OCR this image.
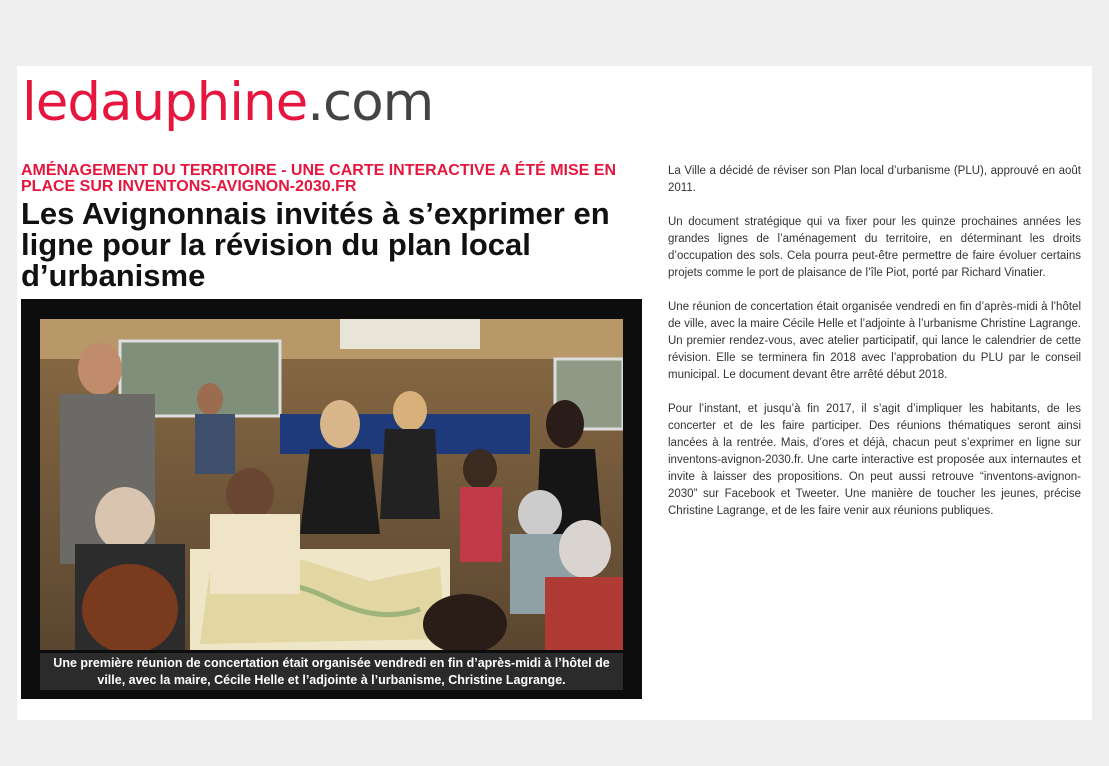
ledauphine.com
AMÉNAGEMENT DU TERRITOIRE - UNE CARTE INTERACTIVE A ÉTÉ MISE EN PLACE SUR INVENTONS-AVIGNON-2030.FR
Les Avignonnais invités à s’exprimer en ligne pour la révision du plan local d’urbanisme
Une première réunion de concertation était organisée vendredi en fin d’après-midi à l’hôtel de ville, avec la maire, Cécile Helle et l’adjointe à l’urbanisme, Christine Lagrange.

La Ville a décidé de réviser son Plan local d’urbanisme (PLU), approuvé en août 2011.

Un document stratégique qui va fixer pour les quinze prochaines années les grandes lignes de l’aménagement du territoire, en déterminant les droits d’occupation des sols. Cela pourra peut-être permettre de faire évoluer certains projets comme le port de plaisance de l’île Piot, porté par Richard Vinatier.

Une réunion de concertation était organisée vendredi en fin d’après-midi à l’hôtel de ville, avec la maire Cécile Helle et l’adjointe à l’urbanisme Christine Lagrange. Un premier rendez-vous, avec atelier participatif, qui lance le calendrier de cette révision. Elle se terminera fin 2018 avec l’approbation du PLU par le conseil municipal. Le document devant être arrêté début 2018.

Pour l’instant, et jusqu’à fin 2017, il s’agit d’impliquer les habitants, de les concerter et de les faire participer. Des réunions thématiques seront ainsi lancées à la rentrée. Mais, d’ores et déjà, chacun peut s’exprimer en ligne sur inventons-avignon-2030.fr. Une carte interactive est proposée aux internautes et invite à laisser des propositions. On peut aussi retrouve “inventons-avignon-2030” sur Facebook et Tweeter. Une manière de toucher les jeunes, précise Christine Lagrange, et de les faire venir aux réunions publiques.
